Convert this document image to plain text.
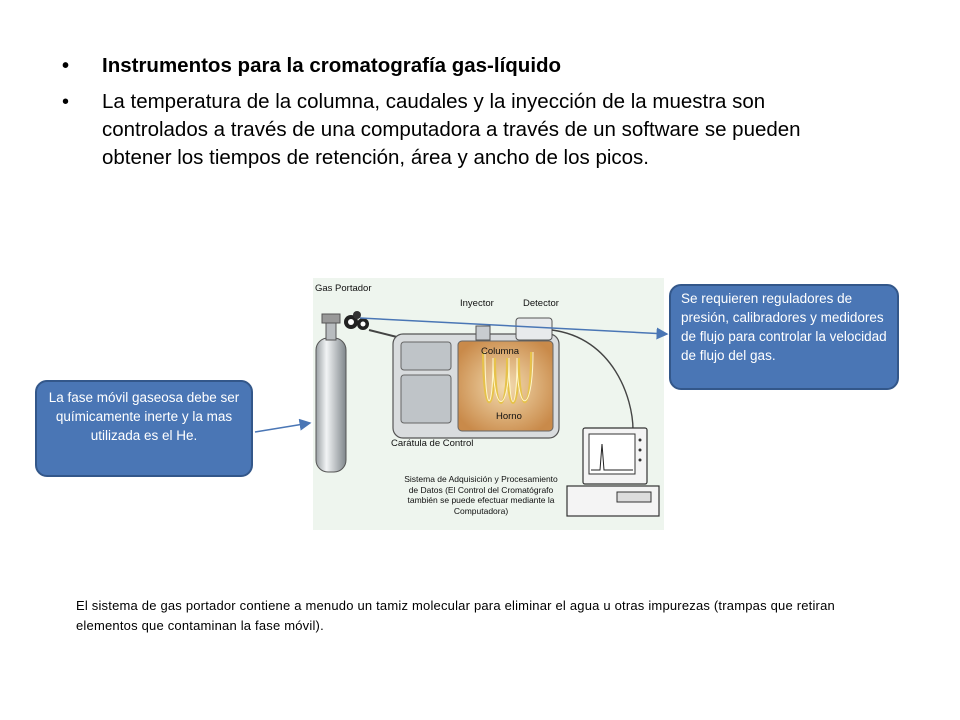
• Instrumentos para la cromatografía gas-líquido
• La temperatura de la columna, caudales y la inyección de la muestra son controlados a través de una computadora a través de un software se pueden obtener los tiempos de retención, área y ancho de los picos.
Gas Portador
Inyector	Detector
Columna
Horno
Carátula de Control
Sistema de Adquisición y Procesamiento de Datos (El Control del Cromatógrafo también se puede efectuar mediante la Computadora)
La fase móvil gaseosa debe ser químicamente inerte y la mas utilizada es el He.
Se requieren reguladores de presión, calibradores y medidores de flujo para controlar la velocidad de flujo del gas.
El sistema de gas portador contiene a menudo un tamiz molecular para eliminar el agua u otras impurezas (trampas que retiran elementos que contaminan la fase móvil).
